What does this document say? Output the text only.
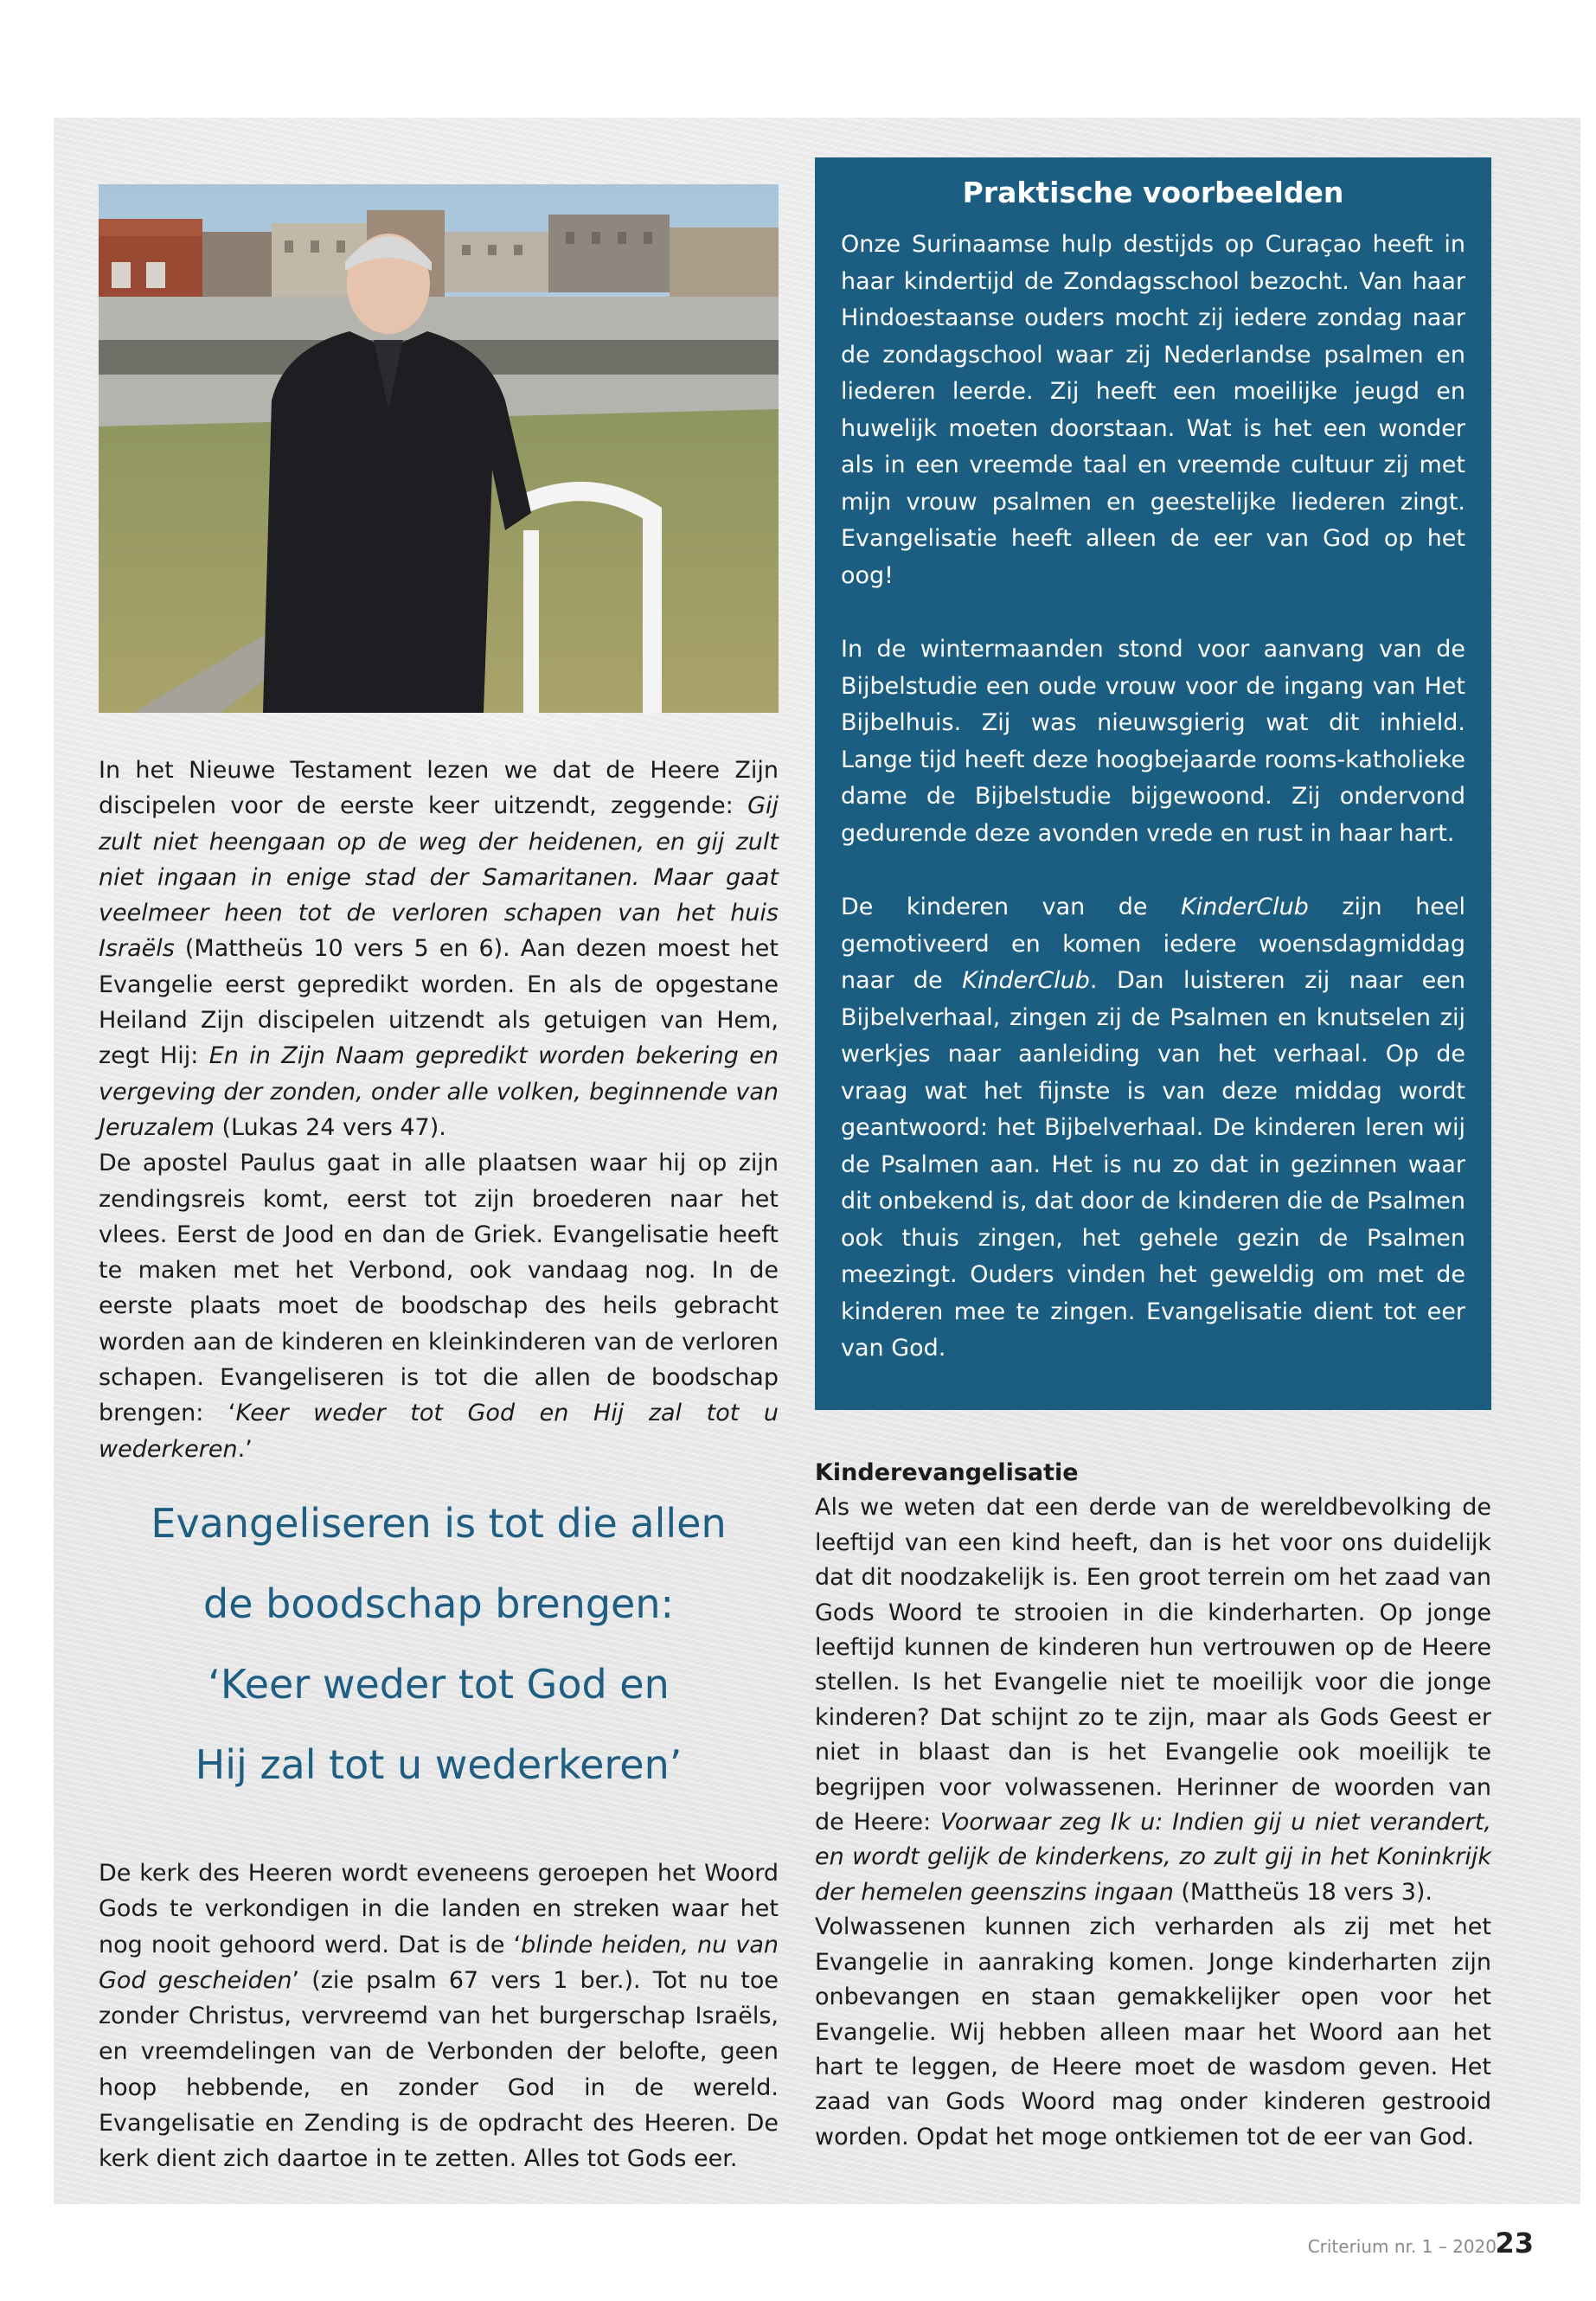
In het Nieuwe Testament lezen we dat de Heere Zijn discipelen voor de eerste keer uitzendt, zeggende: Gij zult niet heengaan op de weg der heidenen, en gij zult niet ingaan in enige stad der Samaritanen. Maar gaat veelmeer heen tot de verloren schapen van het huis Israëls (Mattheüs 10 vers 5 en 6). Aan dezen moest het Evangelie eerst gepredikt worden. En als de opgestane Heiland Zijn discipelen uitzendt als getuigen van Hem, zegt Hij: En in Zijn Naam gepredikt worden bekering en vergeving der zonden, onder alle volken, beginnende van Jeruzalem (Lukas 24 vers 47).

De apostel Paulus gaat in alle plaatsen waar hij op zijn zendingsreis komt, eerst tot zijn broederen naar het vlees. Eerst de Jood en dan de Griek. Evangelisatie heeft te maken met het Verbond, ook vandaag nog. In de eerste plaats moet de boodschap des heils gebracht worden aan de kinderen en kleinkinderen van de verloren schapen. Evangeliseren is tot die allen de boodschap brengen: ‘Keer weder tot God en Hij zal tot u wederkeren.’

Evangeliseren is tot die allen
de boodschap brengen:
‘Keer weder tot God en
Hij zal tot u wederkeren’

De kerk des Heeren wordt eveneens geroepen het Woord Gods te verkondigen in die landen en streken waar het nog nooit gehoord werd. Dat is de ‘blinde heiden, nu van God gescheiden’ (zie psalm 67 vers 1 ber.). Tot nu toe zonder Christus, vervreemd van het burgerschap Israëls, en vreemdelingen van de Verbonden der belofte, geen hoop hebbende, en zonder God in de wereld. Evangelisatie en Zending is de opdracht des Heeren. De kerk dient zich daartoe in te zetten. Alles tot Gods eer.

Praktische voorbeelden

Onze Surinaamse hulp destijds op Curaçao heeft in haar kindertijd de Zondagsschool bezocht. Van haar Hindoestaanse ouders mocht zij iedere zondag naar de zondagschool waar zij Nederlandse psalmen en liederen leerde. Zij heeft een moeilijke jeugd en huwelijk moeten doorstaan. Wat is het een wonder als in een vreemde taal en vreemde cultuur zij met mijn vrouw psalmen en geestelijke liederen zingt. Evangelisatie heeft alleen de eer van God op het oog!

In de wintermaanden stond voor aanvang van de Bijbelstudie een oude vrouw voor de ingang van Het Bijbelhuis. Zij was nieuwsgierig wat dit inhield. Lange tijd heeft deze hoogbejaarde rooms-katholieke dame de Bijbelstudie bijgewoond. Zij ondervond gedurende deze avonden vrede en rust in haar hart.

De kinderen van de KinderClub zijn heel gemotiveerd en komen iedere woensdagmiddag naar de KinderClub. Dan luisteren zij naar een Bijbelverhaal, zingen zij de Psalmen en knutselen zij werkjes naar aanleiding van het verhaal. Op de vraag wat het fijnste is van deze middag wordt geantwoord: het Bijbelverhaal. De kinderen leren wij de Psalmen aan. Het is nu zo dat in gezinnen waar dit onbekend is, dat door de kinderen die de Psalmen ook thuis zingen, het gehele gezin de Psalmen meezingt. Ouders vinden het geweldig om met de kinderen mee te zingen. Evangelisatie dient tot eer van God.

Kinderevangelisatie

Als we weten dat een derde van de wereldbevolking de leeftijd van een kind heeft, dan is het voor ons duidelijk dat dit noodzakelijk is. Een groot terrein om het zaad van Gods Woord te strooien in die kinderharten. Op jonge leeftijd kunnen de kinderen hun vertrouwen op de Heere stellen. Is het Evangelie niet te moeilijk voor die jonge kinderen? Dat schijnt zo te zijn, maar als Gods Geest er niet in blaast dan is het Evangelie ook moeilijk te begrijpen voor volwassenen. Herinner de woorden van de Heere: Voorwaar zeg Ik u: Indien gij u niet verandert, en wordt gelijk de kinderkens, zo zult gij in het Koninkrijk der hemelen geenszins ingaan (Mattheüs 18 vers 3).

Volwassenen kunnen zich verharden als zij met het Evangelie in aanraking komen. Jonge kinderharten zijn onbevangen en staan gemakkelijker open voor het Evangelie. Wij hebben alleen maar het Woord aan het hart te leggen, de Heere moet de wasdom geven. Het zaad van Gods Woord mag onder kinderen gestrooid worden. Opdat het moge ontkiemen tot de eer van God.

Criterium nr. 1 – 2020
23
